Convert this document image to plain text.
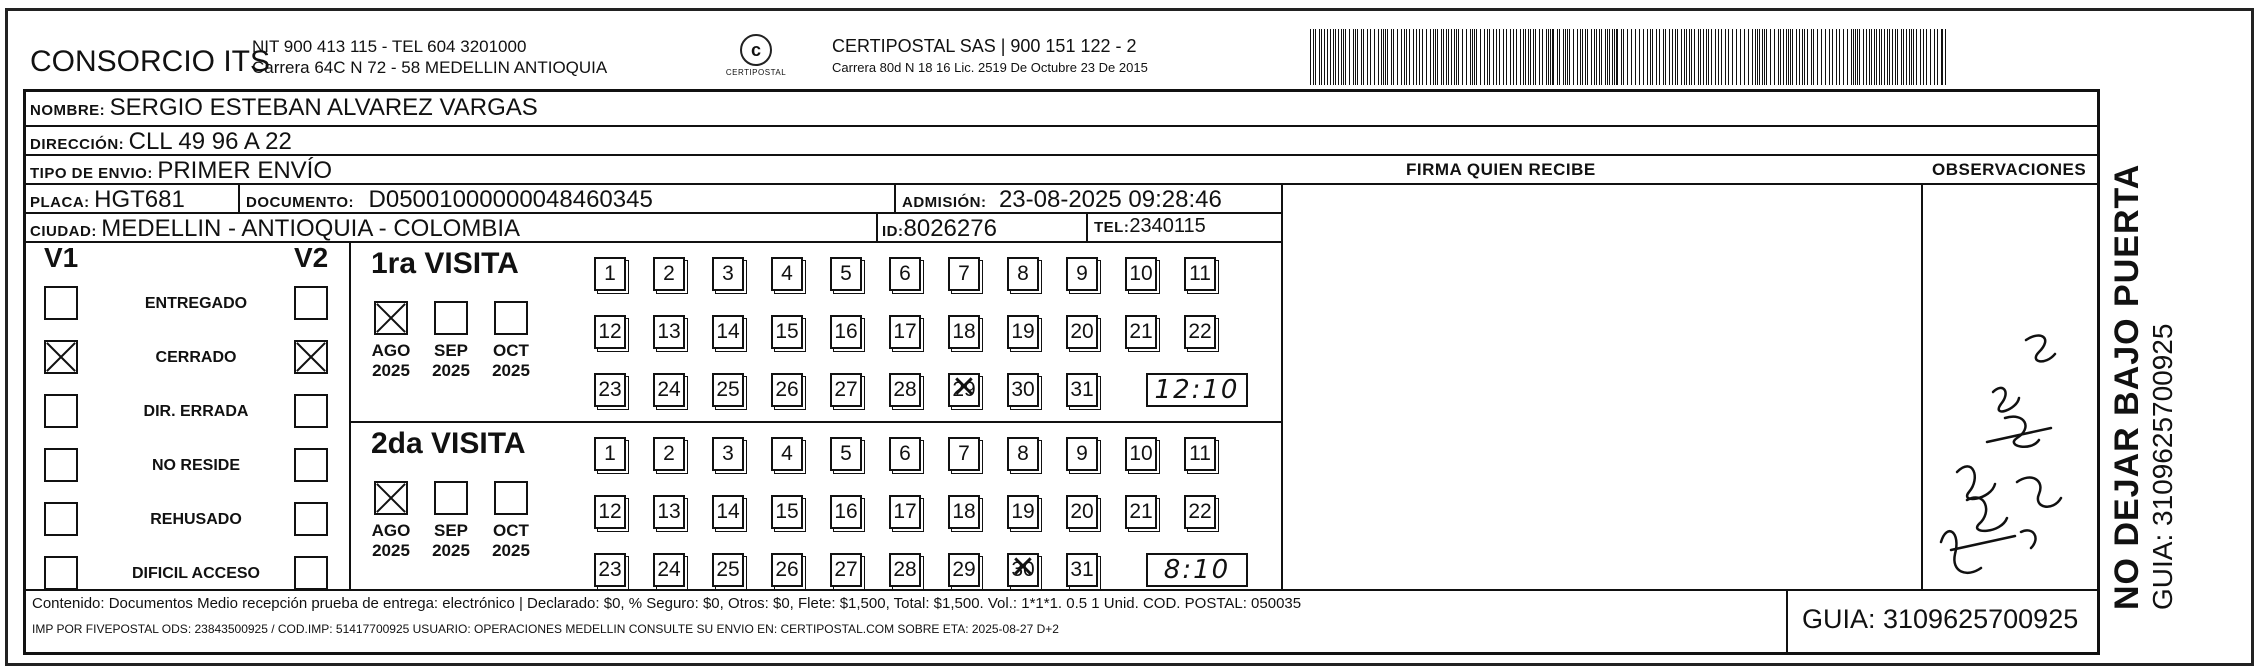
CONSORCIO ITS
NIT 900 413 115 - TEL 604 3201000
Carrera 64C N 72 - 58 MEDELLIN ANTIOQUIA
c
CERTIPOSTAL
CERTIPOSTAL SAS | 900 151 122 - 2
Carrera 80d N 18 16 Lic. 2519 De Octubre 23 De 2015
NOMBRE: SERGIO ESTEBAN ALVAREZ VARGAS
DIRECCIÓN: CLL 49 96 A 22
TIPO DE ENVIO: PRIMER ENVÍO	FIRMA QUIEN RECIBE	OBSERVACIONES
PLACA: HGT681	DOCUMENTO: D05001000000048460345	ADMISIÓN: 23-08-2025 09:28:46
CIUDAD: MEDELLIN - ANTIOQUIA - COLOMBIA	ID:8026276	TEL:2340115
V1	V2
ENTREGADO
CERRADO
DIR. ERRADA
NO RESIDE
REHUSADO
DIFICIL ACCESO
1ra VISITA
AGO
2025
SEP
2025
OCT
2025
1	2	3	4	5	6	7	8	9	10 11
12 13 14 15 16 17 18 19 20 21 22
23 24 25 26 27 28 29 ✕ 30 31	12:10
2da VISITA
AGO
2025
SEP
2025
OCT
2025
1	2	3	4	5	6	7	8	9	10 11
12 13 14 15 16 17 18 19 20 21 22
23 24 25 26 27 28 29 30 ✕ 31	8:10
Contenido: Documentos Medio recepción prueba de entrega: electrónico | Declarado: $0, % Seguro: $0, Otros: $0, Flete: $1,500, Total: $1,500. Vol.: 1*1*1. 0.5 1 Unid. COD. POSTAL: 050035
IMP POR FIVEPOSTAL ODS: 23843500925 / COD.IMP: 51417700925 USUARIO: OPERACIONES MEDELLIN CONSULTE SU ENVIO EN: CERTIPOSTAL.COM SOBRE ETA: 2025-08-27 D+2	GUIA: 3109625700925
NO DEJAR BAJO PUERTA GUIA: 3109625700925
